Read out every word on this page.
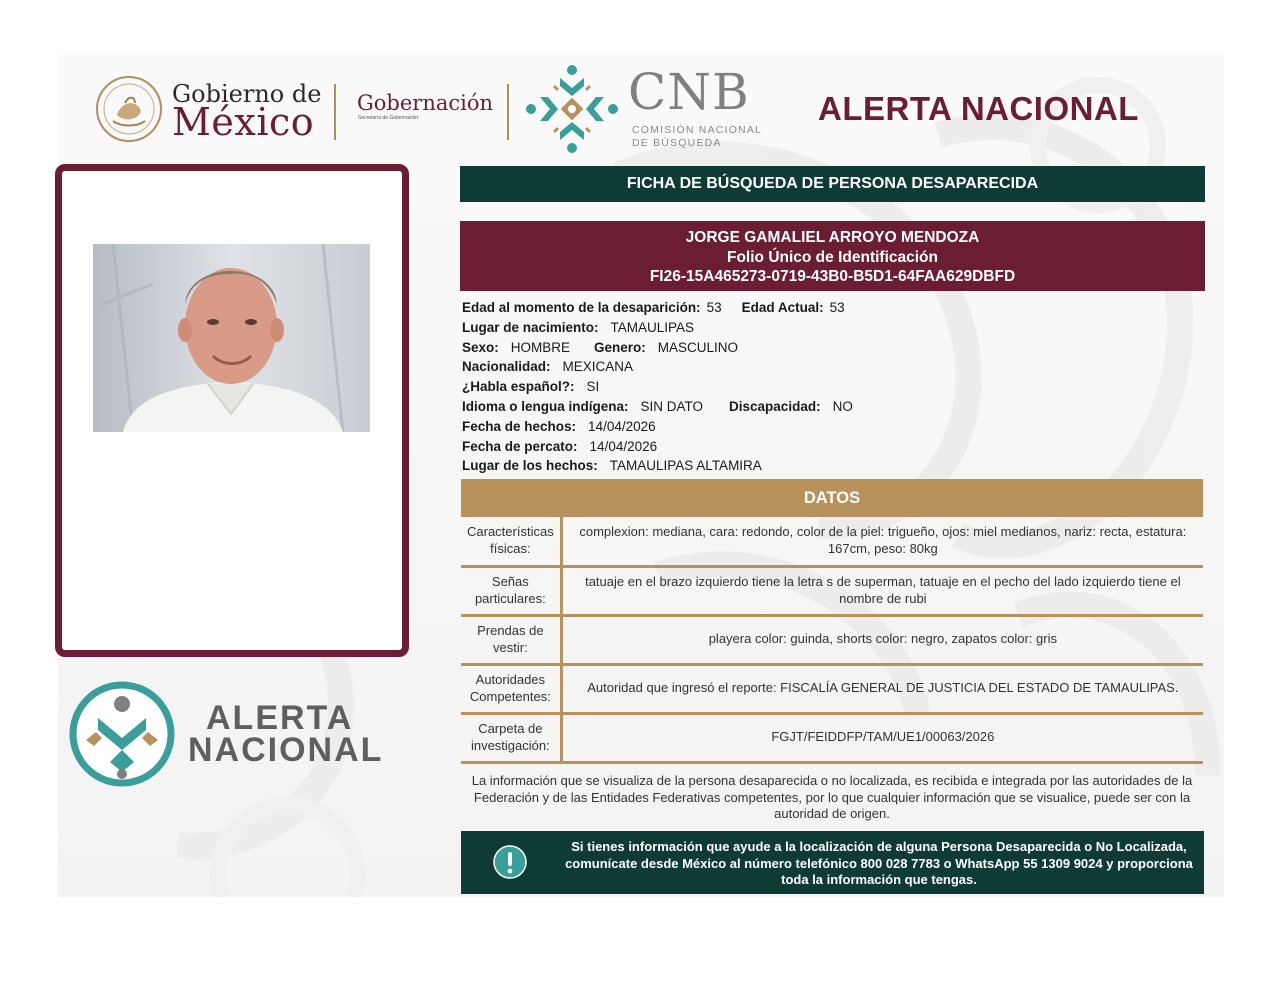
Gobierno de
México Gobernación
Secretaría de Gobernación	CNB
COMISIÓN NACIONAL
DE BÚSQUEDA
ALERTA NACIONAL
ALERTA
NACIONAL
FICHA DE BÚSQUEDA DE PERSONA DESAPARECIDA
JORGE GAMALIEL ARROYO MENDOZA
Folio Único de Identificación
FI26-15A465273-0719-43B0-B5D1-64FAA629DBFD
Edad al momento de la desaparición: 53 Edad Actual: 53
Lugar de nacimiento: TAMAULIPAS
Sexo: HOMBRE Genero: MASCULINO
Nacionalidad: MEXICANA
¿Habla español?: SI
Idioma o lengua indígena: SIN DATO Discapacidad: NO
Fecha de hechos: 14/04/2026
Fecha de percato: 14/04/2026
Lugar de los hechos: TAMAULIPAS ALTAMIRA
DATOS
Características físicas:	complexion: mediana, cara: redondo, color de la piel: trigueño, ojos: miel medianos, nariz: recta, estatura: 167cm, peso: 80kg
Señas particulares:	tatuaje en el brazo izquierdo tiene la letra s de superman, tatuaje en el pecho del lado izquierdo tiene el nombre de rubi
Prendas de vestir:	playera color: guinda, shorts color: negro, zapatos color: gris
Autoridades Competentes:	Autoridad que ingresó el reporte: FISCALÍA GENERAL DE JUSTICIA DEL ESTADO DE TAMAULIPAS.
Carpeta de investigación:	FGJT/FEIDDFP/TAM/UE1/00063/2026
La información que se visualiza de la persona desaparecida o no localizada, es recibida e integrada por las autoridades de la Federación y de las Entidades Federativas competentes, por lo que cualquier información que se visualice, puede ser con la autoridad de origen.
Si tienes información que ayude a la localización de alguna Persona Desaparecida o No Localizada, comunícate desde México al número telefónico 800 028 7783 o WhatsApp 55 1309 9024 y proporciona toda la información que tengas.
